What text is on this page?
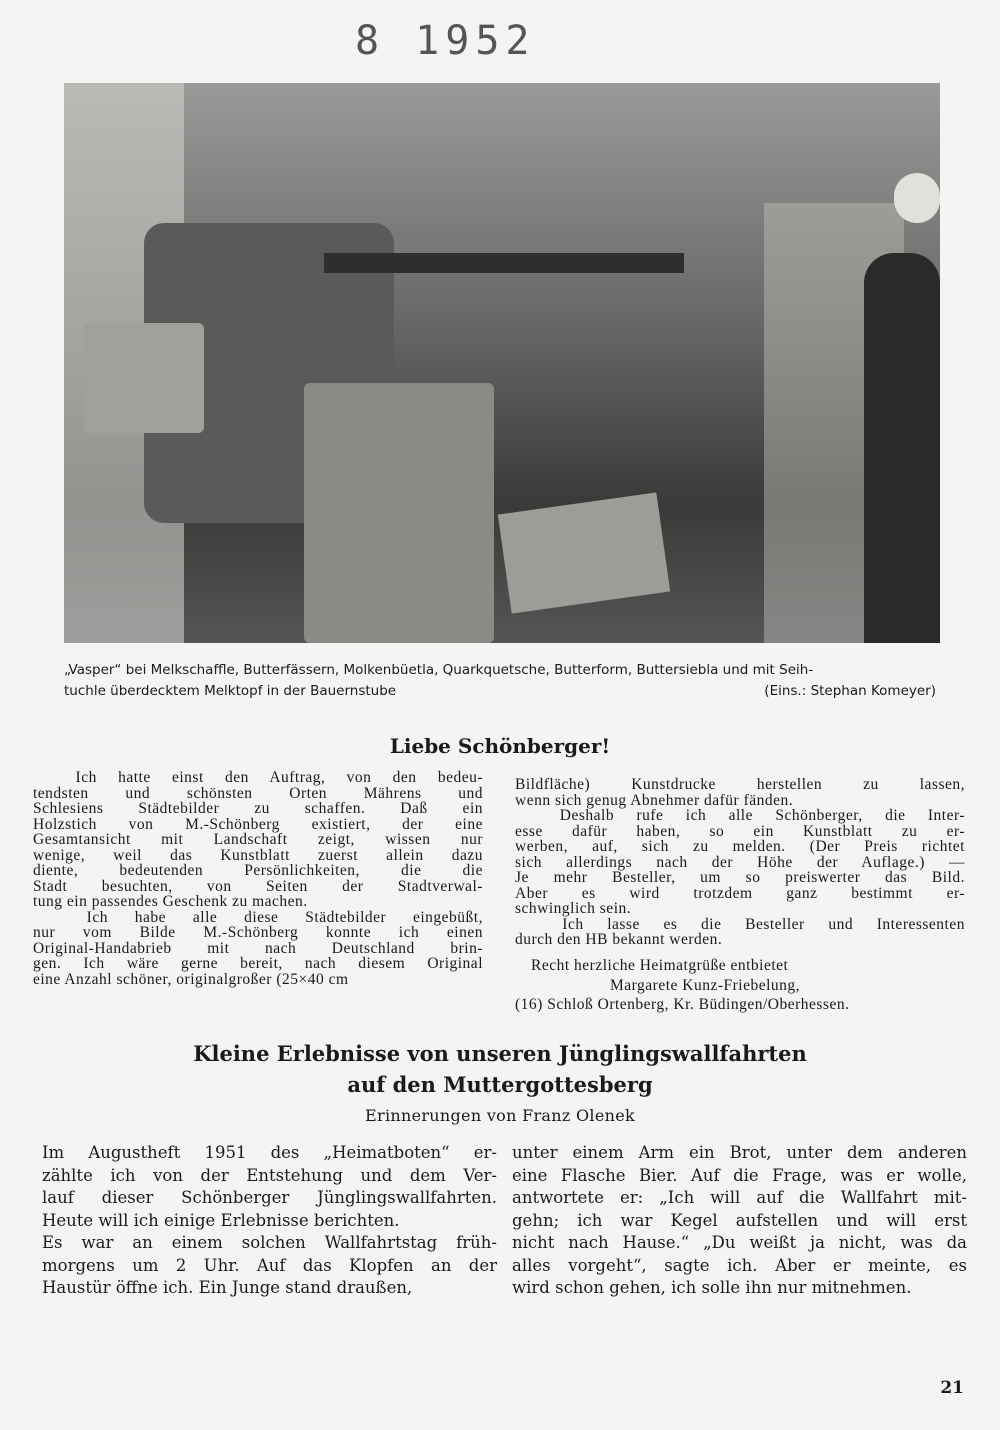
8 1952
„Vasper“ bei Melkschaffle, Butterfässern, Molkenbüetla, Quarkquetsche, Butterform, Buttersiebla und mit Seih-
tuchle überdecktem Melktopf in der Bauernstube	(Eins.: Stephan Komeyer)
Liebe Schönberger!
Ich hatte einst den Auftrag, von den bedeu-
tendsten und schönsten Orten Mährens und
Schlesiens Städtebilder zu schaffen. Daß ein
Holzstich von M.-Schönberg existiert, der eine
Gesamtansicht mit Landschaft zeigt, wissen nur
wenige, weil das Kunstblatt zuerst allein dazu
diente, bedeutenden Persönlichkeiten, die die
Stadt besuchten, von Seiten der Stadtverwal-
tung ein passendes Geschenk zu machen.
Ich habe alle diese Städtebilder eingebüßt,
nur vom Bilde M.-Schönberg konnte ich einen
Original-Handabrieb mit nach Deutschland brin-
gen. Ich wäre gerne bereit, nach diesem Original
eine Anzahl schöner, originalgroßer (25×40 cm
Bildfläche) Kunstdrucke herstellen zu lassen,
wenn sich genug Abnehmer dafür fänden.
Deshalb rufe ich alle Schönberger, die Inter-
esse dafür haben, so ein Kunstblatt zu er-
werben, auf, sich zu melden. (Der Preis richtet
sich allerdings nach der Höhe der Auflage.) —
Je mehr Besteller, um so preiswerter das Bild.
Aber es wird trotzdem ganz bestimmt er-
schwinglich sein.
Ich lasse es die Besteller und Interessenten
durch den HB bekannt werden.
Recht herzliche Heimatgrüße entbietet
Margarete Kunz-Friebelung,
(16) Schloß Ortenberg, Kr. Büdingen/Oberhessen.
Kleine Erlebnisse von unseren Jünglingswallfahrten
auf den Muttergottesberg
Erinnerungen von Franz Olenek
Im Augustheft 1951 des „Heimatboten“ er-
zählte ich von der Entstehung und dem Ver-
lauf dieser Schönberger Jünglingswallfahrten.
Heute will ich einige Erlebnisse berichten.
Es war an einem solchen Wallfahrtstag früh-
morgens um 2 Uhr. Auf das Klopfen an der
Haustür öffne ich. Ein Junge stand draußen,
unter einem Arm ein Brot, unter dem anderen
eine Flasche Bier. Auf die Frage, was er wolle,
antwortete er: „Ich will auf die Wallfahrt mit-
gehn; ich war Kegel aufstellen und will erst
nicht nach Hause.“ „Du weißt ja nicht, was da
alles vorgeht“, sagte ich. Aber er meinte, es
wird schon gehen, ich solle ihn nur mitnehmen.
21
